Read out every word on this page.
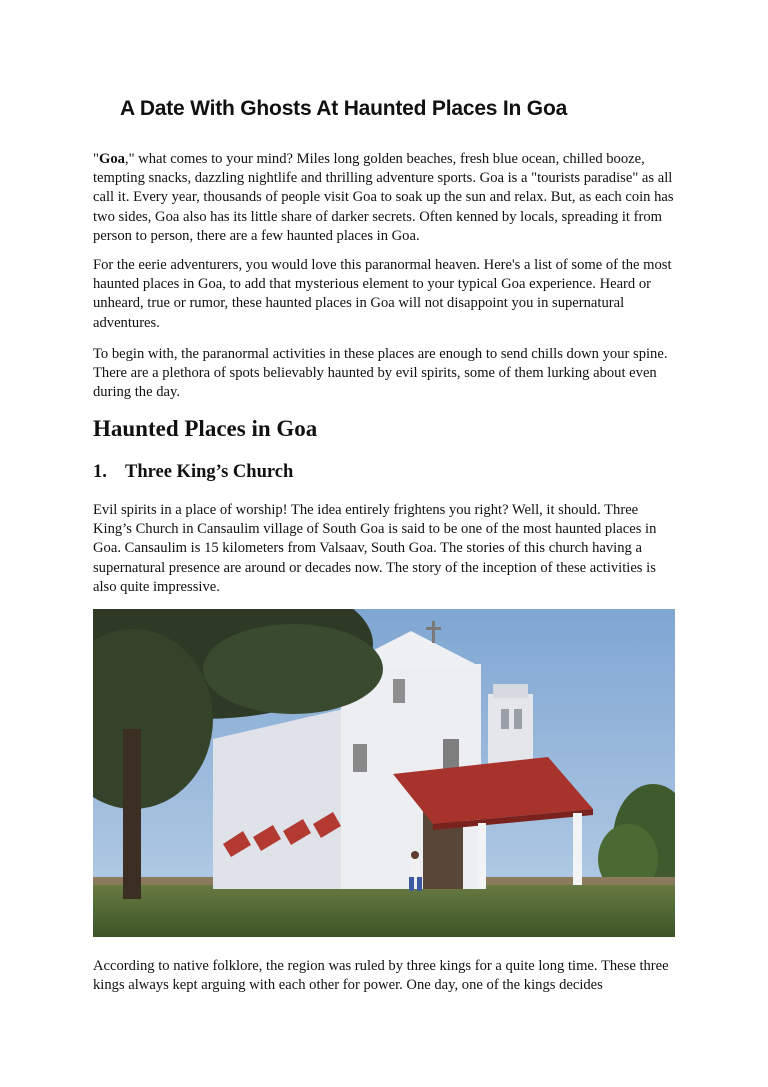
A Date With Ghosts At Haunted Places In Goa

"Goa," what comes to your mind? Miles long golden beaches, fresh blue ocean, chilled booze, tempting snacks, dazzling nightlife and thrilling adventure sports. Goa is a "tourists paradise" as all call it. Every year, thousands of people visit Goa to soak up the sun and relax. But, as each coin has two sides, Goa also has its little share of darker secrets. Often kenned by locals, spreading it from person to person, there are a few haunted places in Goa.

For the eerie adventurers, you would love this paranormal heaven. Here's a list of some of the most haunted places in Goa, to add that mysterious element to your typical Goa experience. Heard or unheard, true or rumor, these haunted places in Goa will not disappoint you in supernatural adventures.

To begin with, the paranormal activities in these places are enough to send chills down your spine. There are a plethora of spots believably haunted by evil spirits, some of them lurking about even during the day.

Haunted Places in Goa
1. Three King’s Church

Evil spirits in a place of worship! The idea entirely frightens you right? Well, it should. Three King’s Church in Cansaulim village of South Goa is said to be one of the most haunted places in Goa. Cansaulim is 15 kilometers from Valsaav, South Goa. The stories of this church having a supernatural presence are around or decades now. The story of the inception of these activities is also quite impressive.

According to native folklore, the region was ruled by three kings for a quite long time. These three kings always kept arguing with each other for power. One day, one of the kings decides
